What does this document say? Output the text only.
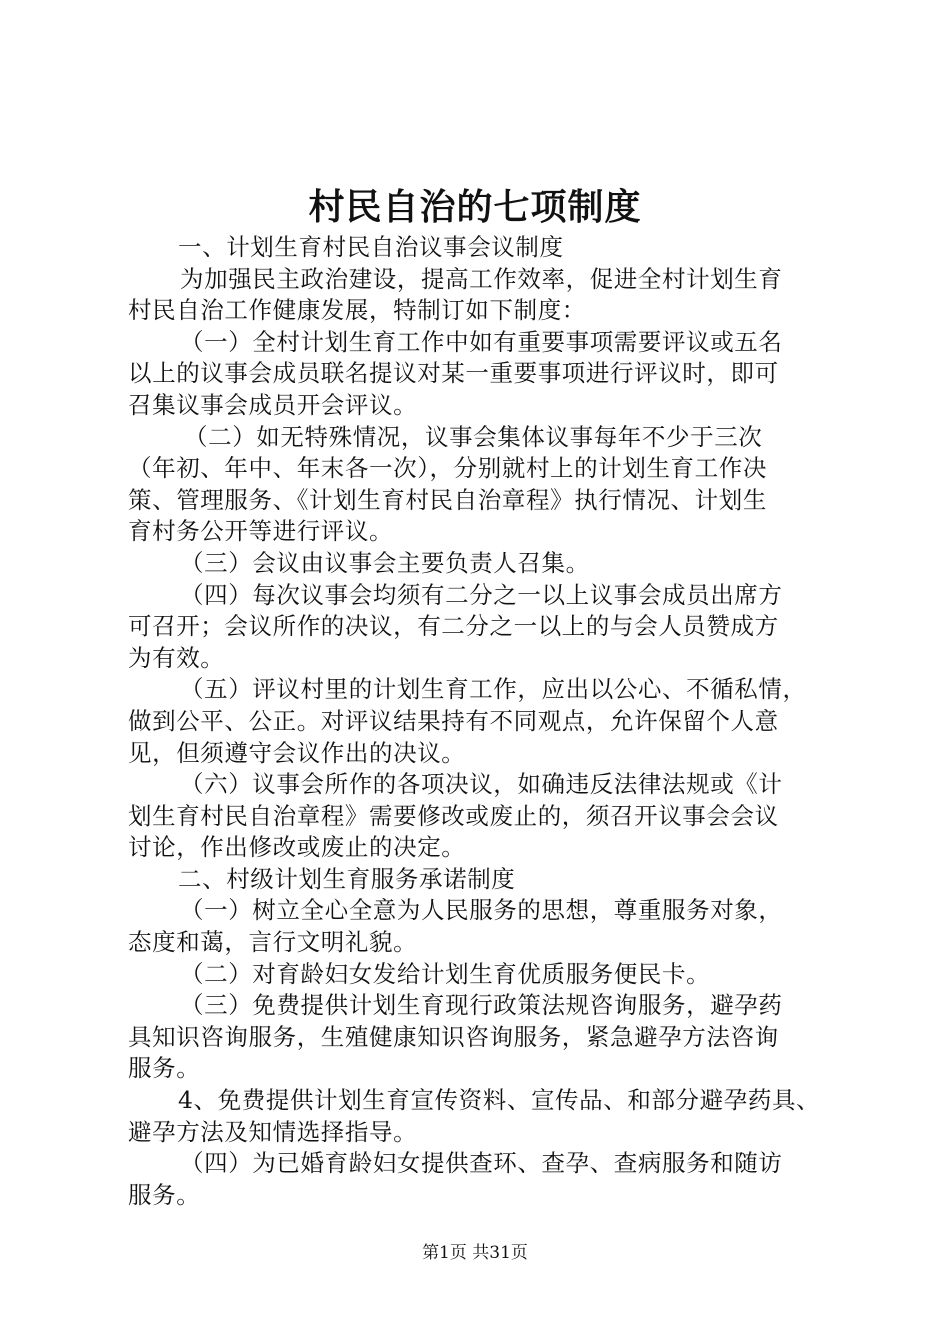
村民自治的七项制度
一、计划生育村民自治议事会议制度
为加强民主政治建设，提高工作效率，促进全村计划生育
村民自治工作健康发展，特制订如下制度：
（一）全村计划生育工作中如有重要事项需要评议或五名
以上的议事会成员联名提议对某一重要事项进行评议时，即可
召集议事会成员开会评议。
（二）如无特殊情况，议事会集体议事每年不少于三次
（年初、年中、年末各一次），分别就村上的计划生育工作决
策、管理服务、《计划生育村民自治章程》执行情况、计划生
育村务公开等进行评议。
（三）会议由议事会主要负责人召集。
（四）每次议事会均须有二分之一以上议事会成员出席方
可召开；会议所作的决议，有二分之一以上的与会人员赞成方
为有效。
（五）评议村里的计划生育工作，应出以公心、不循私情，
做到公平、公正。对评议结果持有不同观点，允许保留个人意
见，但须遵守会议作出的决议。
（六）议事会所作的各项决议，如确违反法律法规或《计
划生育村民自治章程》需要修改或废止的，须召开议事会会议
讨论，作出修改或废止的决定。
二、村级计划生育服务承诺制度
（一）树立全心全意为人民服务的思想，尊重服务对象，
态度和蔼，言行文明礼貌。
（二）对育龄妇女发给计划生育优质服务便民卡。
（三）免费提供计划生育现行政策法规咨询服务，避孕药
具知识咨询服务，生殖健康知识咨询服务，紧急避孕方法咨询
服务。
4、免费提供计划生育宣传资料、宣传品、和部分避孕药具、
避孕方法及知情选择指导。
（四）为已婚育龄妇女提供查环、查孕、查病服务和随访
服务。
第1页 共31页
